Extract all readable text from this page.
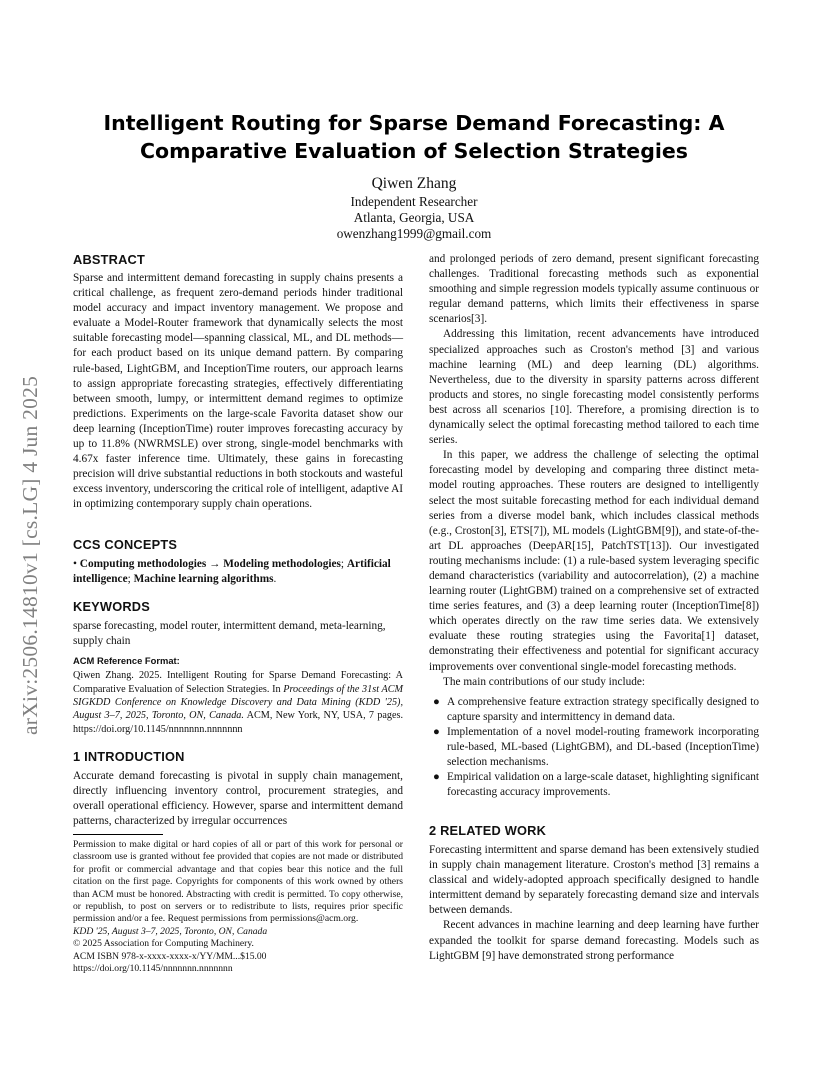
arXiv:2506.14810v1 [cs.LG] 4 Jun 2025
Intelligent Routing for Sparse Demand Forecasting: A
Comparative Evaluation of Selection Strategies
Qiwen Zhang
Independent Researcher
Atlanta, Georgia, USA
owenzhang1999@gmail.com
ABSTRACT

Sparse and intermittent demand forecasting in supply chains presents a critical challenge, as frequent zero-demand periods hinder traditional model accuracy and impact inventory management. We propose and evaluate a Model-Router framework that dynamically selects the most suitable forecasting model—spanning classical, ML, and DL methods—for each product based on its unique demand pattern. By comparing rule-based, LightGBM, and InceptionTime routers, our approach learns to assign appropriate forecasting strategies, effectively differentiating between smooth, lumpy, or intermittent demand regimes to optimize predictions. Experiments on the large-scale Favorita dataset show our deep learning (InceptionTime) router improves forecasting accuracy by up to 11.8% (NWRMSLE) over strong, single-model benchmarks with 4.67x faster inference time. Ultimately, these gains in forecasting precision will drive substantial reductions in both stockouts and wasteful excess inventory, underscoring the critical role of intelligent, adaptive AI in optimizing contemporary supply chain operations.

CCS CONCEPTS

• Computing methodologies → Modeling methodologies; Artificial intelligence; Machine learning algorithms.

KEYWORDS

sparse forecasting, model router, intermittent demand, meta-learning, supply chain

ACM Reference Format:

Qiwen Zhang. 2025. Intelligent Routing for Sparse Demand Forecasting: A Comparative Evaluation of Selection Strategies. In Proceedings of the 31st ACM SIGKDD Conference on Knowledge Discovery and Data Mining (KDD '25), August 3–7, 2025, Toronto, ON, Canada. ACM, New York, NY, USA, 7 pages. https://doi.org/10.1145/nnnnnnn.nnnnnnn

1 INTRODUCTION

Accurate demand forecasting is pivotal in supply chain management, directly influencing inventory control, procurement strategies, and overall operational efficiency. However, sparse and intermittent demand patterns, characterized by irregular occurrences

Permission to make digital or hard copies of all or part of this work for personal or classroom use is granted without fee provided that copies are not made or distributed for profit or commercial advantage and that copies bear this notice and the full citation on the first page. Copyrights for components of this work owned by others than ACM must be honored. Abstracting with credit is permitted. To copy otherwise, or republish, to post on servers or to redistribute to lists, requires prior specific permission and/or a fee. Request permissions from permissions@acm.org.

KDD '25, August 3–7, 2025, Toronto, ON, Canada

© 2025 Association for Computing Machinery.

ACM ISBN 978-x-xxxx-xxxx-x/YY/MM...$15.00

https://doi.org/10.1145/nnnnnnn.nnnnnnn

and prolonged periods of zero demand, present significant forecasting challenges. Traditional forecasting methods such as exponential smoothing and simple regression models typically assume continuous or regular demand patterns, which limits their effectiveness in sparse scenarios[3].

Addressing this limitation, recent advancements have introduced specialized approaches such as Croston's method [3] and various machine learning (ML) and deep learning (DL) algorithms. Nevertheless, due to the diversity in sparsity patterns across different products and stores, no single forecasting model consistently performs best across all scenarios [10]. Therefore, a promising direction is to dynamically select the optimal forecasting method tailored to each time series.

In this paper, we address the challenge of selecting the optimal forecasting model by developing and comparing three distinct meta-model routing approaches. These routers are designed to intelligently select the most suitable forecasting method for each individual demand series from a diverse model bank, which includes classical methods (e.g., Croston[3], ETS[7]), ML models (LightGBM[9]), and state-of-the-art DL approaches (DeepAR[15], PatchTST[13]). Our investigated routing mechanisms include: (1) a rule-based system leveraging specific demand characteristics (variability and autocorrelation), (2) a machine learning router (LightGBM) trained on a comprehensive set of extracted time series features, and (3) a deep learning router (InceptionTime[8]) which operates directly on the raw time series data. We extensively evaluate these routing strategies using the Favorita[1] dataset, demonstrating their effectiveness and potential for significant accuracy improvements over conventional single-model forecasting methods.

The main contributions of our study include:

● A comprehensive feature extraction strategy specifically designed to capture sparsity and intermittency in demand data.
● Implementation of a novel model-routing framework incorporating rule-based, ML-based (LightGBM), and DL-based (InceptionTime) selection mechanisms.
● Empirical validation on a large-scale dataset, highlighting significant forecasting accuracy improvements.
2 RELATED WORK

Forecasting intermittent and sparse demand has been extensively studied in supply chain management literature. Croston's method [3] remains a classical and widely-adopted approach specifically designed to handle intermittent demand by separately forecasting demand size and intervals between demands.

Recent advances in machine learning and deep learning have further expanded the toolkit for sparse demand forecasting. Models such as LightGBM [9] have demonstrated strong performance
